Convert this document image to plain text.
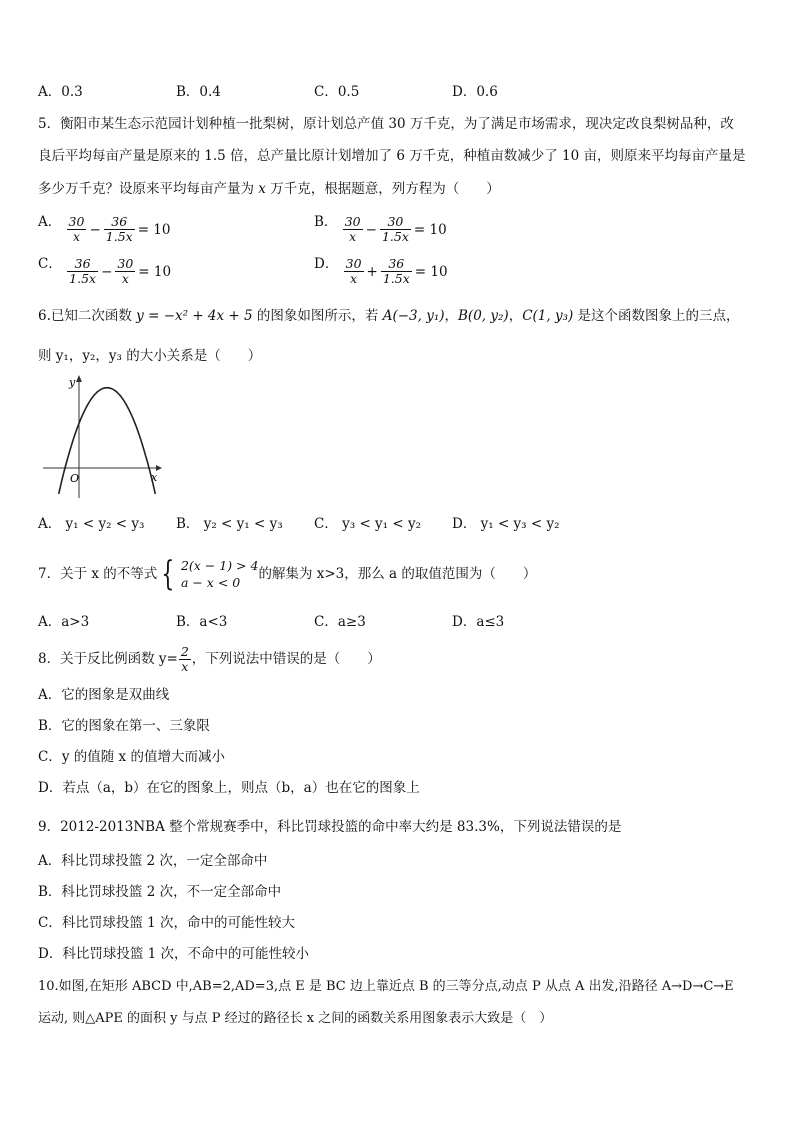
A．0.3	B．0.4	C．0.5	D．0.6
5．衡阳市某生态示范园计划种植一批梨树，原计划总产值 30 万千克，为了满足市场需求，现决定改良梨树品种，改
良后平均每亩产量是原来的 1.5 倍，总产量比原计划增加了 6 万千克，种植亩数减少了 10 亩，则原来平均每亩产量是
多少万千克？设原来平均每亩产量为 x 万千克，根据题意，列方程为（　　）
A． $\frac{30}{x} - \frac{36}{1.5x} = 10$	B． $\frac{30}{x} - \frac{30}{1.5x} = 10$
C． $\frac{36}{1.5x} - \frac{30}{x} = 10$	D． $\frac{30}{x} + \frac{36}{1.5x} = 10$
6.已知二次函数 y = −x² + 4x + 5 的图象如图所示，若 A(−3, y₁)，B(0, y₂)，C(1, y₃) 是这个函数图象上的三点，
则 y₁，y₂，y₃ 的大小关系是（　　）
y
x
O
A． y₁ < y₂ < y₃ B． y₂ < y₁ < y₃ C． y₃ < y₁ < y₂ D． y₁ < y₃ < y₂
7．关于 x 的不等式 { 2(x − 1) > 4
a − x < 0
的解集为 x>3，那么 a 的取值范围为（　　）
A．a>3	B．a<3	C．a≥3	D．a≤3
8．关于反比例函数 $y= \frac{2}{x}$ ，下列说法中错误的是（　　）
A．它的图象是双曲线
B．它的图象在第一、三象限
C．y 的值随 x 的值增大而减小
D．若点（a，b）在它的图象上，则点（b，a）也在它的图象上
9．2012-2013NBA 整个常规赛季中，科比罚球投篮的命中率大约是 83.3%，下列说法错误的是
A．科比罚球投篮 2 次，一定全部命中
B．科比罚球投篮 2 次，不一定全部命中
C．科比罚球投篮 1 次，命中的可能性较大
D．科比罚球投篮 1 次，不命中的可能性较小
10.如图,在矩形 ABCD 中,AB=2,AD=3,点 E 是 BC 边上靠近点 B 的三等分点,动点 P 从点 A 出发,沿路径 A→D→C→E
运动, 则△APE 的面积 y 与点 P 经过的路径长 x 之间的函数关系用图象表示大致是（　）
